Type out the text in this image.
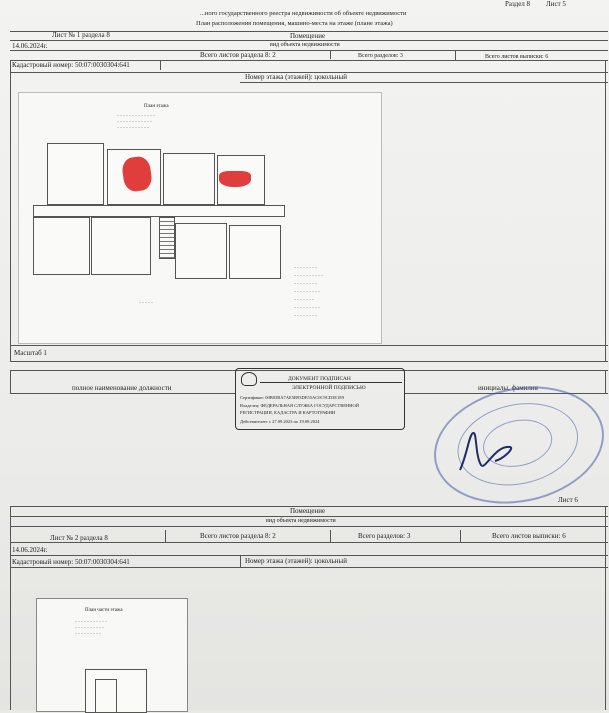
Раздел 8 Лист 5
...ного государственного реестра недвижимости об объекте недвижимости
План расположения помещения, машино-места на этаже (плане этажа)
Помещение
вид объекта недвижимости
Лист № 1 раздела 8
14.06.2024г.
Всего листов раздела 8: 2	Всего разделов: 3	Всего листов выписки: 6
Кадастровый номер: 50:07:0030304:641
Номер этажа (этажей): цокольный
План этажа
_ _ _ _ _ _ _ _ _ _ _ _ _
_ _ _ _ _ _ _ _ _ _ _ _
_ _ _ _ _ _ _ _ _ _ _
_ _ _ _ _ _ _ _
_ _ _ _ _ _ _ _ _ _
_ _ _ _ _ _ _ _
_ _ _ _ _ _ _ _ _
_ _ _ _ _ _ _
_ _ _ _ _ _ _ _ _
_ _ _ _ _ _ _ _
_ _ _ _ _
Масштаб 1
полное наименование должности	инициалы, фамилия
ДОКУМЕНТ ПОДПИСАН
ЭЛЕКТРОННОЙ ПОДПИСЬЮ
Сертификат: 00B03BA7AE5B93DE55AC0C9CD3E1E9
Владелец: ФЕДЕРАЛЬНАЯ СЛУЖБА ГОСУДАРСТВЕННОЙ
РЕГИСТРАЦИИ, КАДАСТРА И КАРТОГРАФИИ
Действителен: с 27.09.2023 по 19.09.2024
Лист 6
Помещение
вид объекта недвижимости
Лист № 2 раздела 8	Всего листов раздела 8: 2	Всего разделов: 3	Всего листов выписки: 6
14.06.2024г.
Кадастровый номер: 50:07:0030304:641	Номер этажа (этажей): цокольный
План части этажа
_ _ _ _ _ _ _ _ _ _ _
_ _ _ _ _ _ _ _ _ _
_ _ _ _ _ _ _ _ _
